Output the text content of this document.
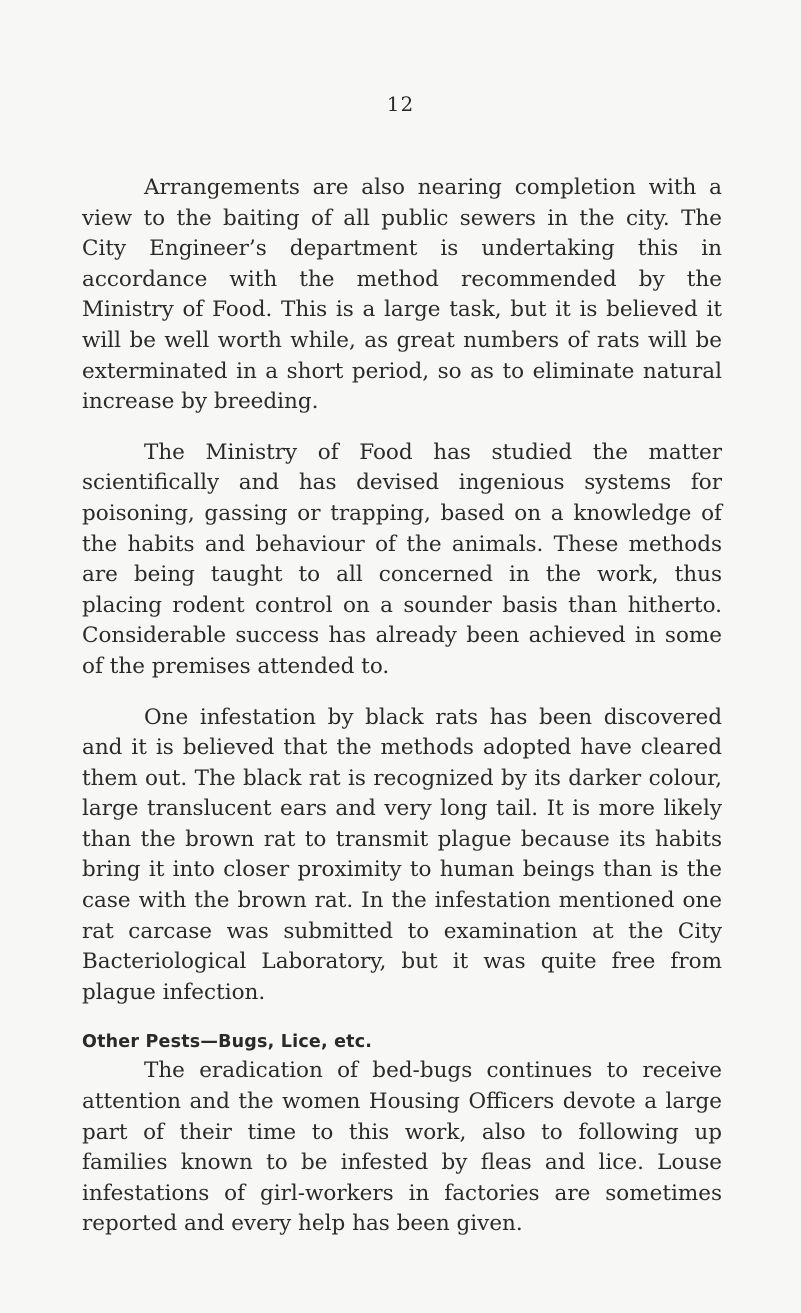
12

Arrangements are also nearing completion with a view to the baiting of all public sewers in the city. The City Engineer’s department is undertaking this in accordance with the method recommended by the Ministry of Food. This is a large task, but it is believed it will be well worth while, as great numbers of rats will be exterminated in a short period, so as to eliminate natural increase by breeding.

The Ministry of Food has studied the matter scientifically and has devised ingenious systems for poisoning, gassing or trapping, based on a knowledge of the habits and behaviour of the animals. These methods are being taught to all concerned in the work, thus placing rodent control on a sounder basis than hitherto. Considerable success has already been achieved in some of the premises attended to.

One infestation by black rats has been discovered and it is believed that the methods adopted have cleared them out. The black rat is recognized by its darker colour, large translucent ears and very long tail. It is more likely than the brown rat to transmit plague because its habits bring it into closer proximity to human beings than is the case with the brown rat. In the infestation mentioned one rat carcase was submitted to examination at the City Bacteriological Laboratory, but it was quite free from plague infection.

Other Pests—Bugs, Lice, etc.

The eradication of bed-bugs continues to receive attention and the women Housing Officers devote a large part of their time to this work, also to following up families known to be infested by fleas and lice. Louse infestations of girl-workers in factories are sometimes reported and every help has been given.
